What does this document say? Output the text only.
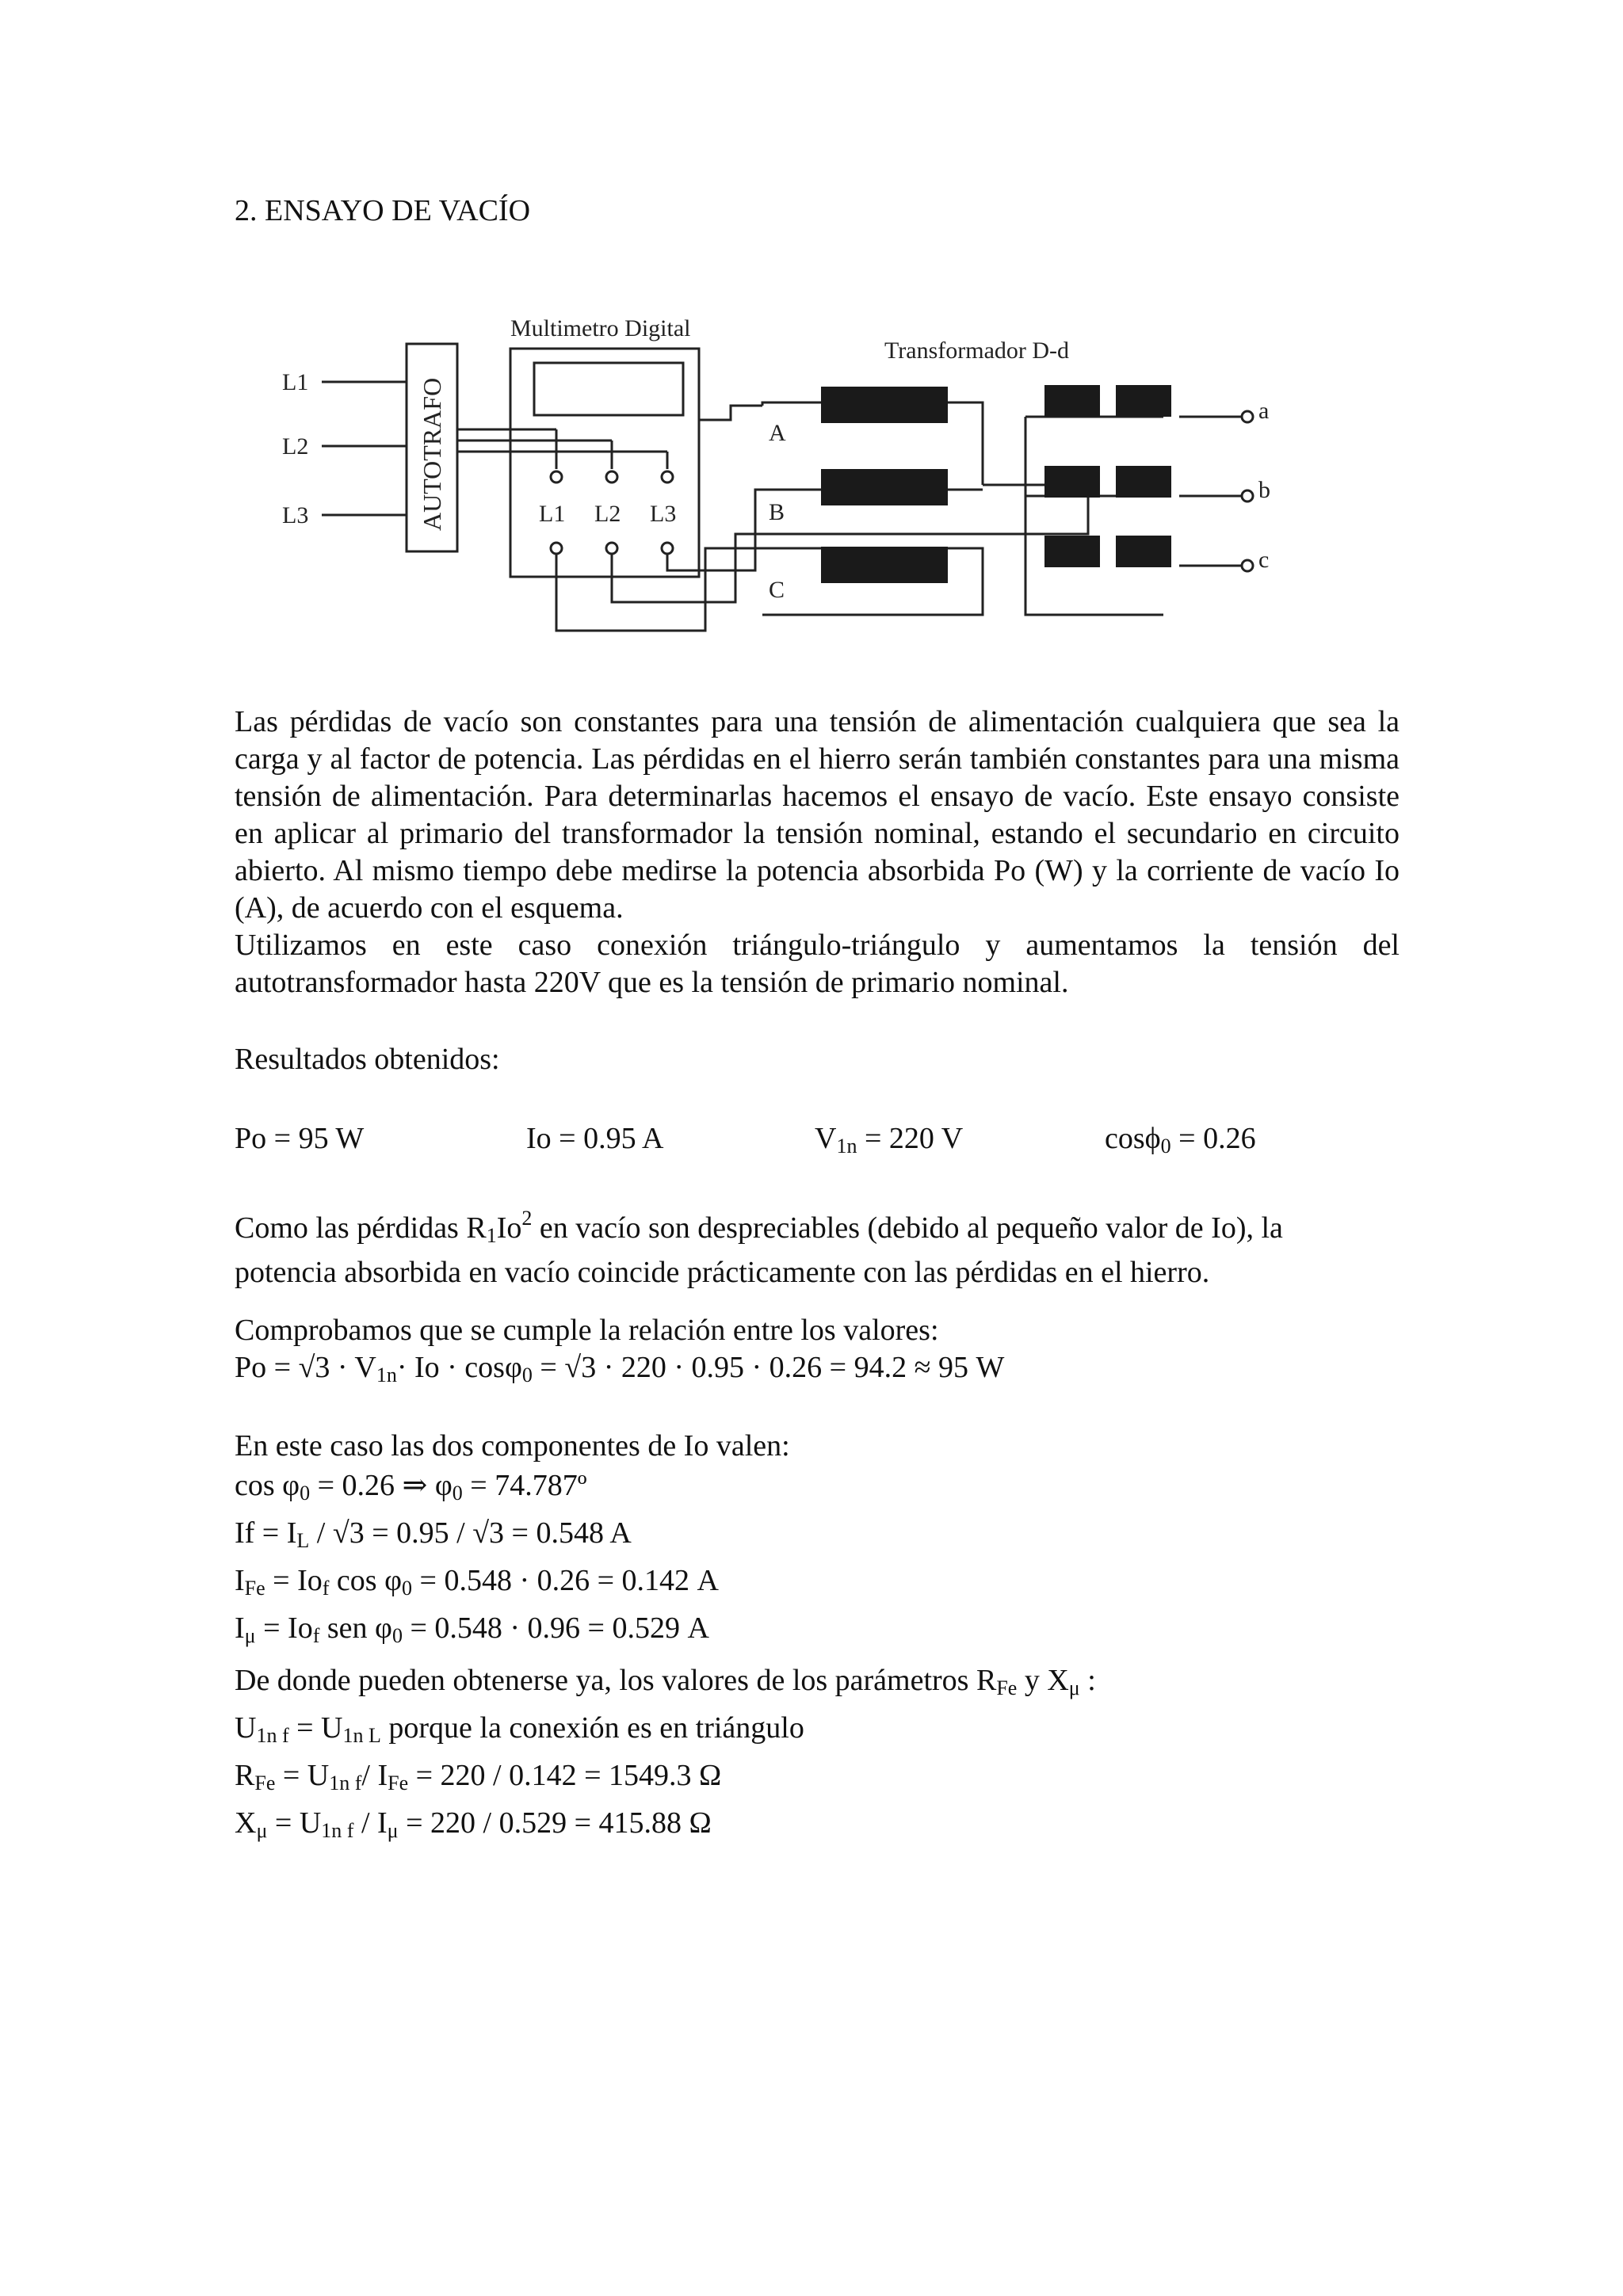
2. ENSAYO DE VACÍO
L1
L2
L3
Multimetro Digital
Transformador D-d
L1 L2 L3
A
B
C
a
b
c
AUTOTRAFO
Las pérdidas de vacío son constantes para una tensión de alimentación cualquiera que sea la carga y al factor de potencia. Las pérdidas en el hierro serán también constantes para una misma tensión de alimentación. Para determinarlas hacemos el ensayo de vacío. Este ensayo consiste en aplicar al primario del transformador la tensión nominal, estando el secundario en circuito abierto. Al mismo tiempo debe medirse la potencia absorbida Po (W) y la corriente de vacío Io (A), de acuerdo con el esquema.
Utilizamos en este caso conexión triángulo-triángulo y aumentamos la tensión del autotransformador hasta 220V que es la tensión de primario nominal.
Resultados obtenidos:
Po = 95 W	Io = 0.95 A	$V_{1n} = 220$ V	cosϕ$_0$ = 0.26
Como las pérdidas $R_1Io^2$ en vacío son despreciables (debido al pequeño valor de Io), la
potencia absorbida en vacío coincide prácticamente con las pérdidas en el hierro.
Comprobamos que se cumple la relación entre los valores:
$Po = √3 \cdot V_{1n}\cdot Io \cdot \cos\varphi_0 = √3 \cdot 220 \cdot 0.95 \cdot 0.26 = 94.2 \approx 95$ W
En este caso las dos componentes de Io valen:
$\cos \varphi_0 = 0.26$ ⇒ $\varphi_0$ = 74.787º
$If = I_L / √3 = 0.95 / √3 = 0.548$ A
$I_{Fe} = Io_f$ $\cos \varphi_0 = 0.548 \cdot 0.26 = 0.142$ A
$I_\mu = Io_f$ sen $\varphi_0 = 0.548 \cdot 0.96 = 0.529$ A
De donde pueden obtenerse ya, los valores de los parámetros $R_{Fe}$ y $X_\mu$ :
$U_{1n f} = U_{1n L}$ porque la conexión es en triángulo
$R_{Fe} = U_{1n f}/$ $I_{Fe} = 220 / 0.142 = 1549.3$ Ω
$X_\mu = U_{1n f} / I_\mu = 220 / 0.529 = 415.88$ Ω
